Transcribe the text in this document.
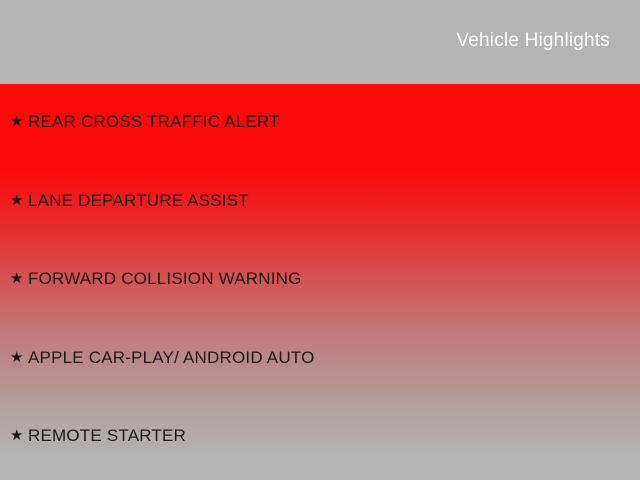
Vehicle Highlights
★ REAR CROSS TRAFFIC ALERT
★ LANE DEPARTURE ASSIST
★ FORWARD COLLISION WARNING
★ APPLE CAR-PLAY/ ANDROID AUTO
★ REMOTE STARTER
